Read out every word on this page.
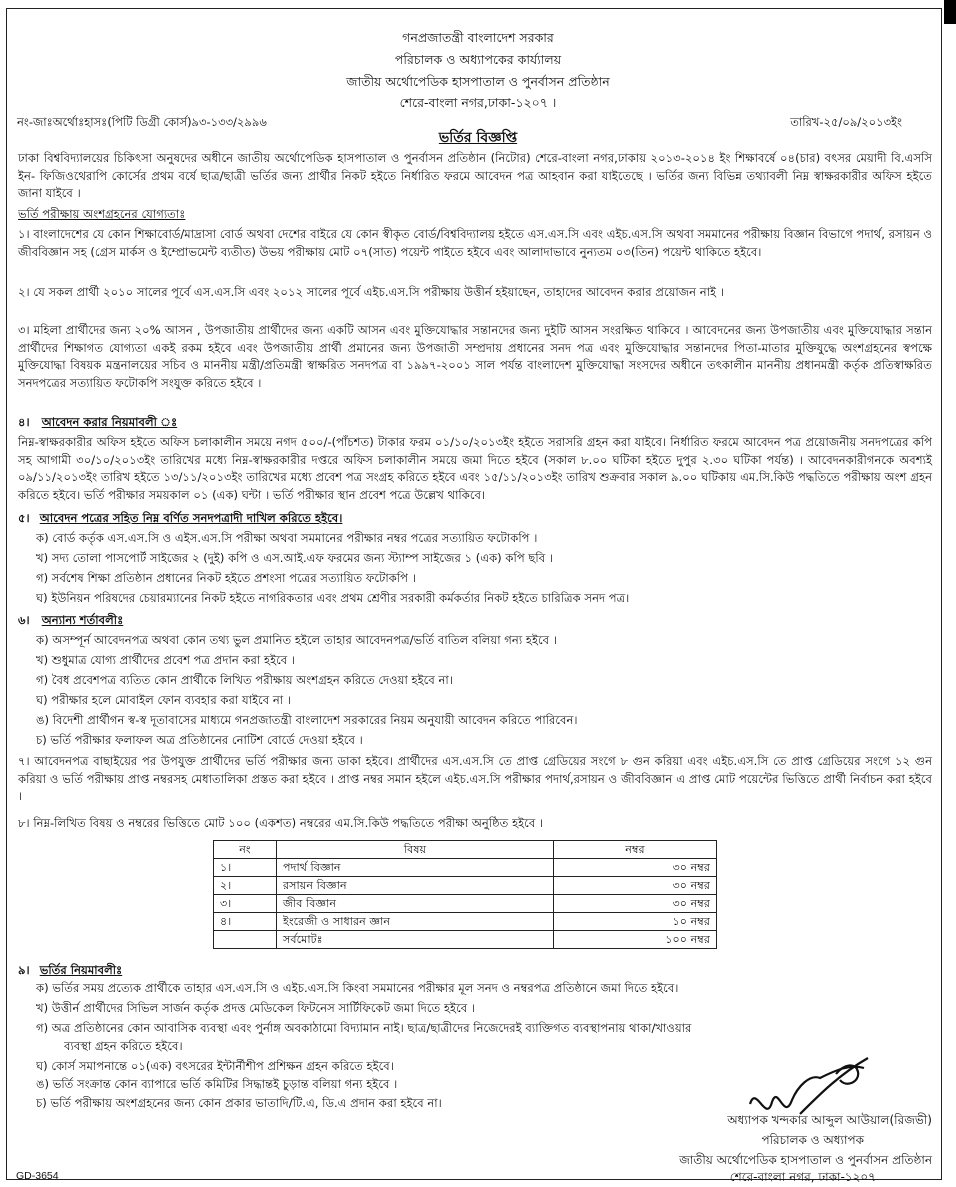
গনপ্রজাতন্ত্রী বাংলাদেশ সরকার
পরিচালক ও অধ্যাপকের কার্য্যালয়
জাতীয় অর্থোপেডিক হাসপাতাল ও পুনর্বাসন প্রতিষ্ঠান
শেরে-বাংলা নগর,ঢাকা-১২০৭ ।
নং-জাঃঅর্থোঃহাসঃ(পিটি ডিগ্রী কোর্স)৯৩-১৩৩/২৯৯৬	তারিখ-২৫/০৯/২০১৩ইং
ভর্তির বিজ্ঞপ্তি
ঢাকা বিশ্ববিদ্যালয়ের চিকিৎসা অনুষদের অধীনে জাতীয় অর্থোপেডিক হাসপাতাল ও পুনর্বাসন প্রতিষ্ঠান (নিটোর) শেরে-বাংলা নগর,ঢাকায় ২০১৩-২০১৪ ইং শিক্ষাবর্ষে ০৪(চার) বৎসর মেয়াদী বি.এসসি ইন- ফিজিওথেরাপি কোর্সের প্রথম বর্ষে ছাত্র/ছাত্রী ভর্তির জন্য প্রার্থীর নিকট হইতে নির্ধারিত ফরমে আবেদন পত্র আহবান করা যাইতেছে । ভর্তির জন্য বিভিন্ন তথ্যাবলী নিম্ন স্বাক্ষরকারীর অফিস হইতে জানা যাইবে ।
ভর্তি পরীক্ষায় অংশগ্রহনের যোগ্যতাঃ
১। বাংলাদেশের যে কোন শিক্ষাবোর্ড/মাদ্রাসা বোর্ড অথবা দেশের বাইরে যে কোন স্বীকৃত বোর্ড/বিশ্ববিদ্যালয় হইতে এস.এস.সি এবং এইচ.এস.সি অথবা সমমানের পরীক্ষায় বিজ্ঞান বিভাগে পদার্থ, রসায়ন ও জীববিজ্ঞান সহ (গ্রেস মার্কস ও ইম্প্রোভমেন্ট ব্যতীত) উভয় পরীক্ষায় মোট ০৭(সাত) পয়েন্ট পাইতে হইবে এবং আলাদাভাবে নুন্যতম ০৩(তিন) পয়েন্ট থাকিতে হইবে।
২। যে সকল প্রার্থী ২০১০ সালের পূর্বে এস.এস.সি এবং ২০১২ সালের পূর্বে এইচ.এস.সি পরীক্ষায় উত্তীর্ন হইয়াছেন, তাহাদের আবেদন করার প্রয়োজন নাই ।
৩। মহিলা প্রার্থীদের জন্য ২০% আসন , উপজাতীয় প্রার্থীদের জন্য একটি আসন এবং মুক্তিযোদ্ধার সন্তানদের জন্য দুইটি আসন সংরক্ষিত থাকিবে । আবেদনের জন্য উপজাতীয় এবং মুক্তিযোদ্ধার সন্তান প্রার্থীদের শিক্ষাগত যোগ্যতা একই রকম হইবে এবং উপজাতীয় প্রার্থী প্রমানের জন্য উপজাতী সম্প্রদায় প্রধানের সনদ পত্র এবং মুক্তিযোদ্ধার সন্তানদের পিতা-মাতার মুক্তিযুদ্ধে অংশগ্রহনের স্বপক্ষে মুক্তিযোদ্ধা বিষয়ক মন্ত্রনালয়ের সচিব ও মাননীয় মন্ত্রী/প্রতিমন্ত্রী স্বাক্ষরিত সনদপত্র বা ১৯৯৭-২০০১ সাল পর্যন্ত বাংলাদেশ মুক্তিযোদ্ধা সংসদের অধীনে তৎকালীন মাননীয় প্রধানমন্ত্রী কর্তৃক প্রতিস্বাক্ষরিত সনদপত্রের সত্যায়িত ফটোকপি সংযুক্ত করিতে হইবে ।
৪। আবেদন করার নিয়মাবলী ঃ
নিম্ন-স্বাক্ষরকারীর অফিস হইতে অফিস চলাকালীন সময়ে নগদ ৫০০/-(পাঁচশত) টাকার ফরম ০১/১০/২০১৩ইং হইতে সরাসরি গ্রহন করা যাইবে। নির্ধারিত ফরমে আবেদন পত্র প্রয়োজনীয় সনদপত্রের কপি সহ আগামী ৩০/১০/২০১৩ইং তারিখের মধ্যে নিম্ন-স্বাক্ষরকারীর দপ্তরে অফিস চলাকালীন সময়ে জমা দিতে হইবে (সকাল ৮.০০ ঘটিকা হইতে দুপুর ২.৩০ ঘটিকা পর্যন্ত) । আবেদনকারীগনকে অবশ্যই ০৯/১১/২০১৩ইং তারিখ হইতে ১৩/১১/২০১৩ইং তারিখের মধ্যে প্রবেশ পত্র সংগ্রহ করিতে হইবে এবং ১৫/১১/২০১৩ইং তারিখ শুক্রবার সকাল ৯.০০ ঘটিকায় এম.সি.কিউ পদ্ধতিতে পরীক্ষায় অংশ গ্রহন করিতে হইবে। ভর্তি পরীক্ষার সময়কাল ০১ (এক) ঘন্টা । ভর্তি পরীক্ষার স্থান প্রবেশ পত্রে উল্লেখ থাকিবে।
৫। আবেদন পত্রের সহিত নিম্ন বর্ণিত সনদপত্রাদী দাখিল করিতে হইবে।
ক) বোর্ড কর্তৃক এস.এস.সি ও এইস.এস.সি পরীক্ষা অথবা সমমানের পরীক্ষার নম্বর পত্রের সত্যায়িত ফটোকপি ।
খ) সদ্য তোলা পাসপোর্ট সাইজের ২ (দুই) কপি ও এস.আই.এফ ফরমের জন্য স্ট্যাম্প সাইজের ১ (এক) কপি ছবি ।
গ) সর্বশেষ শিক্ষা প্রতিষ্ঠান প্রধানের নিকট হইতে প্রশংসা পত্রের সত্যায়িত ফটোকপি ।
ঘ) ইউনিয়ন পরিষদের চেয়ারম্যানের নিকট হইতে নাগরিকতার এবং প্রথম শ্রেণীর সরকারী কর্মকর্তার নিকট হইতে চারিত্রিক সনদ পত্র।
৬। অন্যান্য শর্তাবলীঃ
ক) অসম্পূর্ন আবেদনপত্র অথবা কোন তথ্য ভুল প্রমানিত হইলে তাহার আবেদনপত্র/ভর্তি বাতিল বলিয়া গন্য হইবে ।
খ) শুধুমাত্র যোগ্য প্রার্থীদের প্রবেশ পত্র প্রদান করা হইবে ।
গ) বৈধ প্রবেশপত্র ব্যতিত কোন প্রার্থীকে লিখিত পরীক্ষায় অংশগ্রহন করিতে দেওয়া হইবে না।
ঘ) পরীক্ষার হলে মোবাইল ফোন ব্যবহার করা যাইবে না ।
ঙ) বিদেশী প্রার্থীগন স্ব-স্ব দূতাবাসের মাধ্যমে গনপ্রজাতন্ত্রী বাংলাদেশ সরকারের নিয়ম অনুযায়ী আবেদন করিতে পারিবেন।
চ) ভর্তি পরীক্ষার ফলাফল অত্র প্রতিষ্ঠানের নোটিশ বোর্ডে দেওয়া হইবে ।
৭। আবেদনপত্র বাছাইয়ের পর উপযুক্ত প্রার্থীদের ভর্তি পরীক্ষার জন্য ডাকা হইবে। প্রার্থীদের এস.এস.সি তে প্রাপ্ত গ্রেডিয়ের সংগে ৮ গুন করিয়া এবং এইচ.এস.সি তে প্রাপ্ত গ্রেডিয়ের সংগে ১২ গুন করিয়া ও ভর্তি পরীক্ষায় প্রাপ্ত নম্বরসহ মেধাতালিকা প্রস্তত করা হইবে । প্রাপ্ত নম্বর সমান হইলে এইচ.এস.সি পরীক্ষার পদার্থ,রসায়ন ও জীববিজ্ঞান এ প্রাপ্ত মোট পয়েন্টের ভিত্তিতে প্রার্থী নির্বাচন করা হইবে ।
৮। নিম্ন-লিখিত বিষয় ও নম্বরের ভিত্তিতে মোট ১০০ (একশত) নম্বরের এম.সি.কিউ পদ্ধতিতে পরীক্ষা অনুষ্ঠিত হইবে ।
নং	বিষয়	নম্বর
১।	পদার্থ বিজ্ঞান	৩০ নম্বর
২।	রসায়ন বিজ্ঞান	৩০ নম্বর
৩।	জীব বিজ্ঞান	৩০ নম্বর
৪।	ইংরেজী ও সাধারন জ্ঞান	১০ নম্বর
	সর্বমোটঃ	১০০ নম্বর
৯। ভর্তির নিয়মাবলীঃ
ক) ভর্তির সময় প্রত্যেক প্রার্থীকে তাহার এস.এস.সি ও এইচ.এস.সি কিংবা সমমানের পরীক্ষার মূল সনদ ও নম্বরপত্র প্রতিষ্ঠানে জমা দিতে হইবে।
খ) উত্তীর্ন প্রার্থীদের সিভিল সার্জন কর্তৃক প্রদত্ত মেডিকেল ফিটনেস সার্টিফিকেট জমা দিতে হইবে ।
গ) অত্র প্রতিষ্ঠানের কোন আবাসিক ব্যবস্থা এবং পুর্নাঙ্গ অবকাঠামো বিদ্যামান নাই। ছাত্র/ছাত্রীদের নিজেদেরই ব্যাক্তিগত ব্যবস্থাপনায় থাকা/খাওয়ার
ব্যবস্থা গ্রহন করিতে হইবে।
ঘ) কোর্স সমাপনান্তে ০১(এক) বৎসরের ইন্টার্নীশীপ প্রশিক্ষন গ্রহন করিতে হইবে।
ঙ) ভর্তি সংক্রান্ত কোন ব্যাপারে ভর্তি কমিটির সিদ্ধান্তই চুড়ান্ত বলিয়া গন্য হইবে ।
চ) ভর্তি পরীক্ষায় অংশগ্রহনের জন্য কোন প্রকার ভাতাদি/টি.এ, ডি.এ প্রদান করা হইবে না।
অধ্যাপক খন্দকার আব্দুল আউয়াল(রিজভী)
পরিচালক ও অধ্যাপক
জাতীয় অর্থোপেডিক হাসপাতাল ও পুনর্বাসন প্রতিষ্ঠান
শেরে-বাংলা নগর, ঢাকা-১২০৭
GD-3654
